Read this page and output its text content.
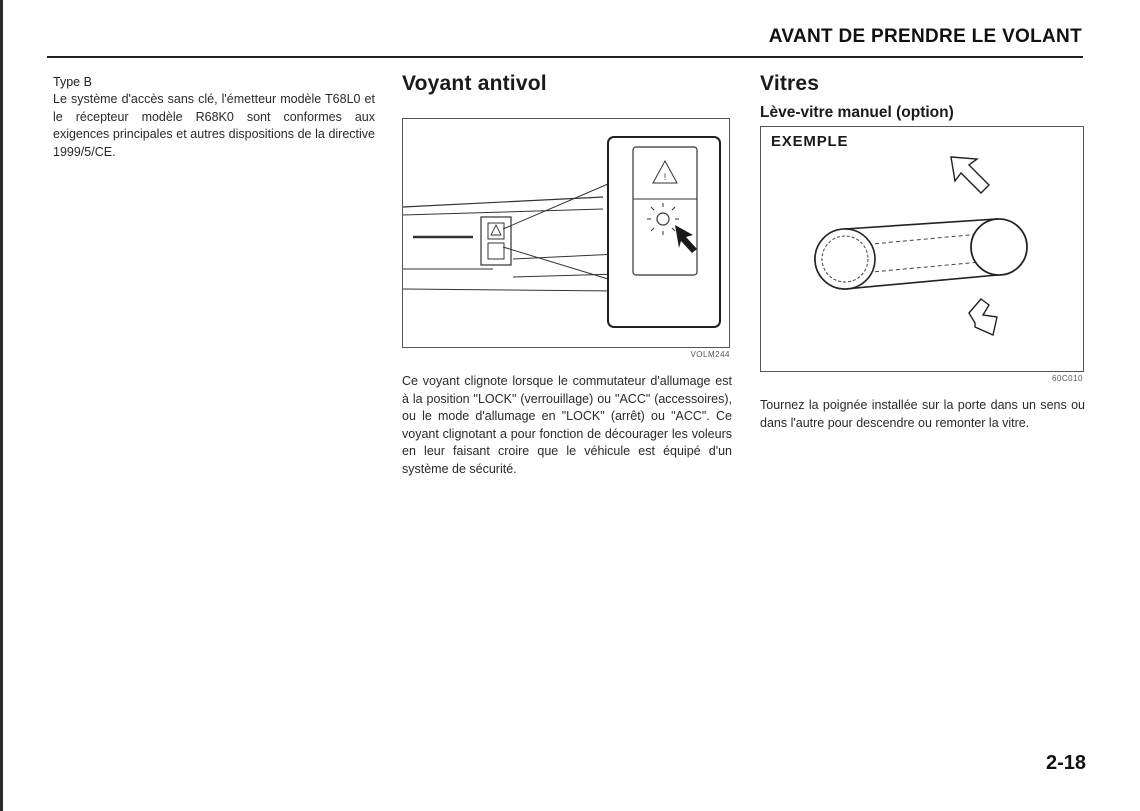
AVANT DE PRENDRE LE VOLANT

Type B

Le système d'accès sans clé, l'émetteur modèle T68L0 et le récepteur modèle R68K0 sont conformes aux exigences principales et autres dispositions de la directive 1999/5/CE.

Voyant antivol
!
VOLM244

Ce voyant clignote lorsque le commutateur d'allumage est à la position "LOCK" (verrouillage) ou "ACC" (accessoires), ou le mode d'allumage en "LOCK" (arrêt) ou "ACC". Ce voyant clignotant a pour fonction de décourager les voleurs en leur faisant croire que le véhicule est équipé d'un système de sécurité.

Vitres
Lève-vitre manuel (option)
EXEMPLE
60C010

Tournez la poignée installée sur la porte dans un sens ou dans l'autre pour descendre ou remonter la vitre.

2-18
